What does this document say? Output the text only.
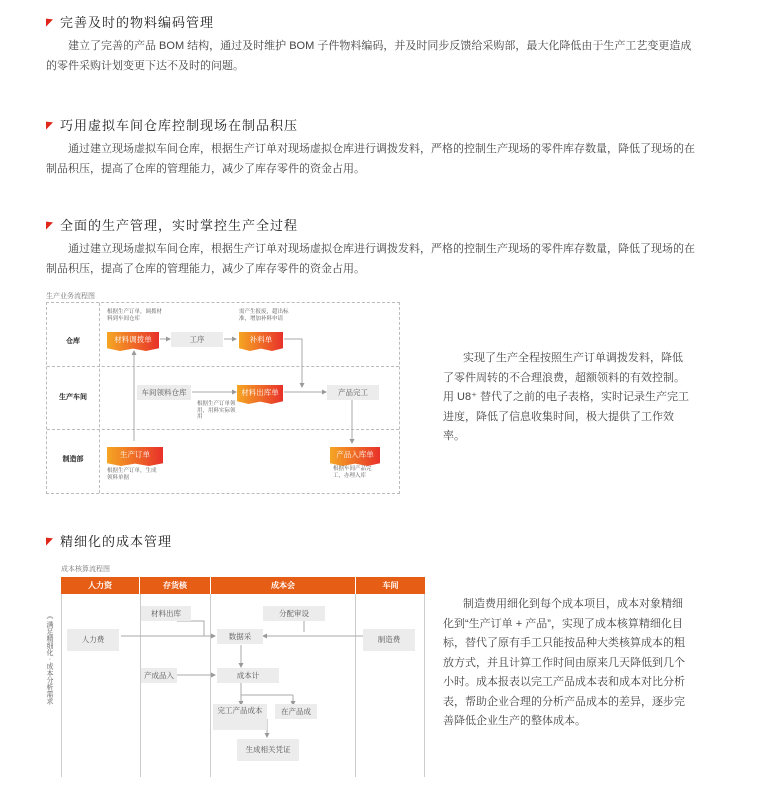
完善及时的物料编码管理
建立了完善的产品 BOM 结构，通过及时维护 BOM 子件物料编码，并及时同步反馈给采购部，最大化降低由于生产工艺变更造成的零件采购计划变更下达不及时的问题。
巧用虚拟车间仓库控制现场在制品积压
通过建立现场虚拟车间仓库，根据生产订单对现场虚拟仓库进行调拨发料，严格的控制生产现场的零件库存数量，降低了现场的在制品积压，提高了仓库的管理能力，减少了库存零件的资金占用。
全面的生产管理，实时掌控生产全过程
通过建立现场虚拟车间仓库，根据生产订单对现场虚拟仓库进行调拨发料，严格的控制生产现场的零件库存数量，降低了现场的在制品积压，提高了仓库的管理能力，减少了库存零件的资金占用。
生产业务流程图
仓库
生产车间
制造部
根据生产订单，调拨材料到车间仓库
材料调拨单	工序
需产生报废，超出标准，增加补料申请
补料单
车间领料仓库	材料出库单
根据生产订单领用，用料实际领用
产品完工
生产订单
根据生产订单，生成领料单据
产品入库单
根据车间产品完工，办理入库
实现了生产全程按照生产订单调拨发料，降低了零件周转的不合理浪费，超额领料的有效控制。用 U8⁺ 替代了之前的电子表格，实时记录生产完工进度，降低了信息收集时间，极大提供了工作效率。
精细化的成本管理
成本核算流程图
《 满足精细化 · 成本分析需求
人力资	存货核	成本会	车间
材料出库	分配审设
人力费	数据采	制造费
产成品入	成本计
完工产品成本	在产品成
生成相关凭证
制造费用细化到每个成本项目，成本对象精细化到“生产订单 + 产品”，实现了成本核算精细化目标，替代了原有手工只能按品种大类核算成本的粗放方式，并且计算工作时间由原来几天降低到几个小时。成本报表以完工产品成本表和成本对比分析表，帮助企业合理的分析产品成本的差异，逐步完善降低企业生产的整体成本。
